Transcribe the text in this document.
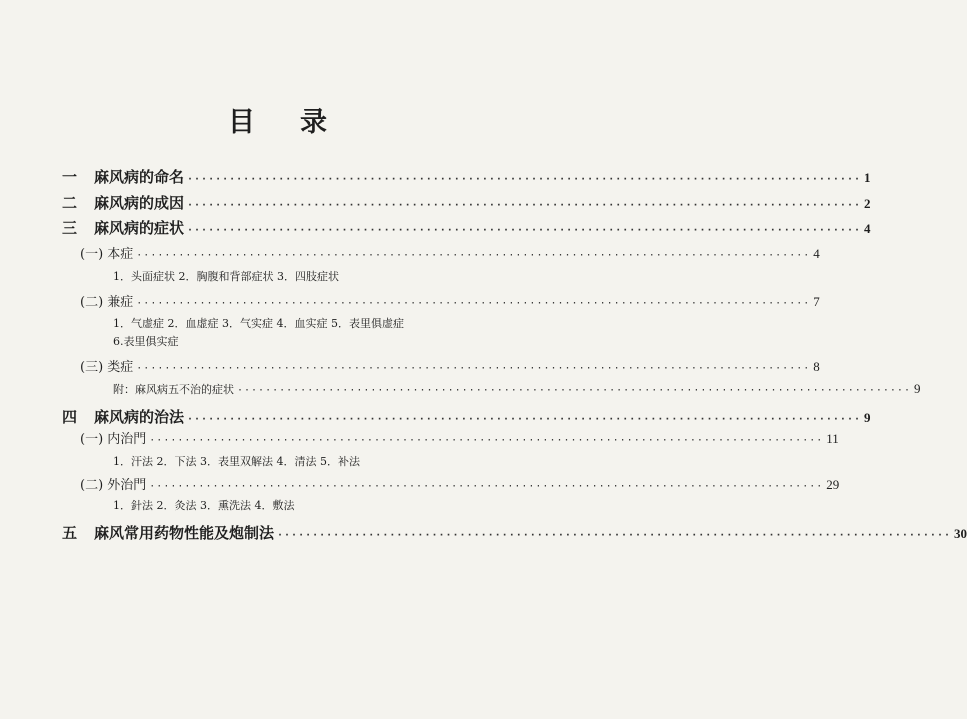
目 录
一 麻风病的命名 ································································································ 1
二 麻风病的成因 ································································································ 2
三 麻风病的症状 ································································································ 4
(一) 本症 ································································································ 4
1．头面症状 2．胸腹和背部症状 3．四肢症状
(二) 兼症 ································································································ 7
1．气虚症 2．血虚症 3．气实症 4．血实症 5．表里俱虚症
6.表里俱实症
(三) 类症 ································································································ 8
附：麻风病五不治的症状 ································································································ 9
四 麻风病的治法 ································································································ 9
(一) 内治門 ································································································ 11
1．汗法 2．下法 3．表里双解法 4．清法 5．补法
(二) 外治門 ································································································ 29
1．針法 2．灸法 3．熏洗法 4．敷法
五 麻风常用药物性能及炮制法 ································································································ 30
